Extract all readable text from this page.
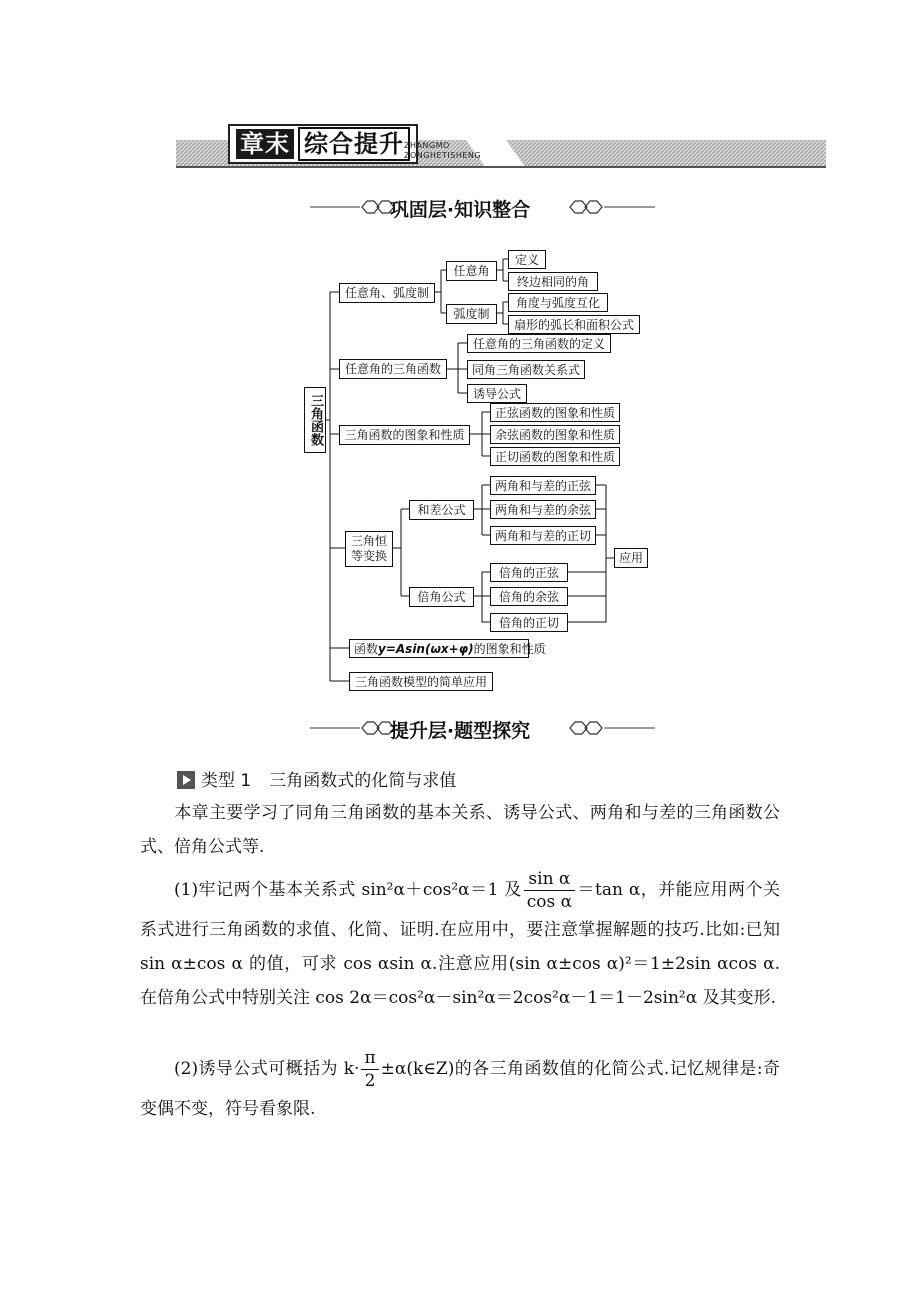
章末 综合提升 ZHANGMO
ZONGHETISHENG
巩固层·知识整合
三角函数
任意角、弧度制
任意角
定义
终边相同的角
弧度制
角度与弧度互化
扇形的弧长和面积公式
任意角的三角函数
任意角的三角函数的定义
同角三角函数关系式
诱导公式
三角函数的图象和性质
正弦函数的图象和性质
余弦函数的图象和性质
正切函数的图象和性质
三角恒
等变换
和差公式
两角和与差的正弦
两角和与差的余弦
两角和与差的正切
倍角公式
倍角的正弦
倍角的余弦
倍角的正切
应用
函数y=Asin(ωx+φ)的图象和性质
三角函数模型的简单应用
提升层·题型探究
类型 1 三角函数式的化简与求值
本章主要学习了同角三角函数的基本关系、诱导公式、两角和与差的三角函数公式、倍角公式等.
(1)牢记两个基本关系式 sin²α＋cos²α＝1 及 $\frac{\text{sin α}}{\text{cos α}} =\tan$ α，并能应用两个关系式进行三角函数的求值、化简、证明.在应用中，要注意掌握解题的技巧.比如:已知 sin α±cos α 的值，可求 cos αsin α.注意应用(sin α±cos α)²＝1±2sin αcos α.在倍角公式中特别关注 cos 2α＝cos²α－sin²α＝2cos²α－1＝1－2sin²α 及其变形.
(2)诱导公式可概括为 $k\cdot \frac{\pi}{2}$ ±α(k∈Z)的各三角函数值的化简公式.记忆规律是:奇变偶不变，符号看象限.
